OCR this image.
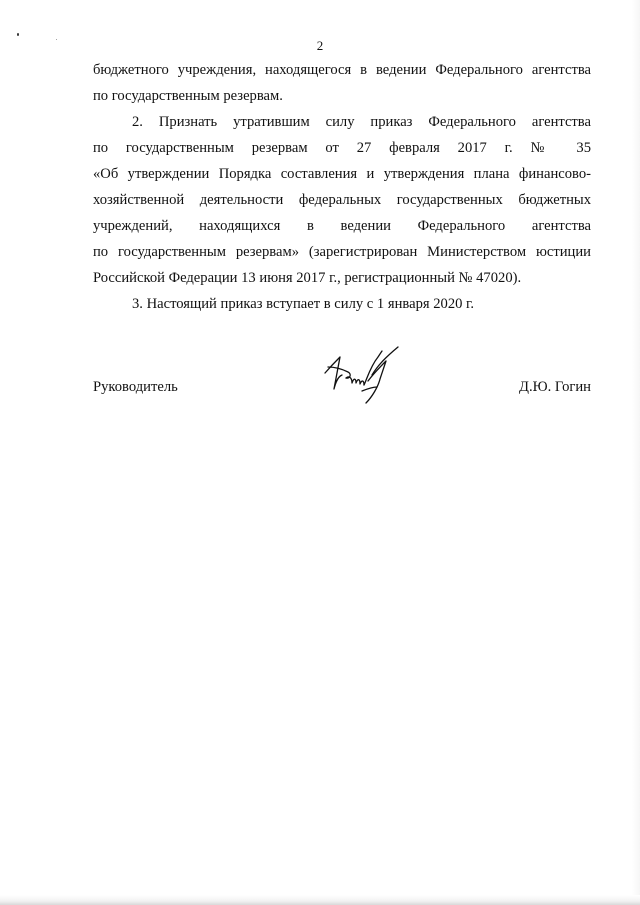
2
бюджетного учреждения, находящегося в ведении Федерального агентства
по государственным резервам.
2. Признать утратившим силу приказ Федерального агентства
по государственным резервам от 27 февраля 2017 г. № 35
«Об утверждении Порядка составления и утверждения плана финансово-
хозяйственной деятельности федеральных государственных бюджетных
учреждений, находящихся в ведении Федерального агентства
по государственным резервам» (зарегистрирован Министерством юстиции
Российской Федерации 13 июня 2017 г., регистрационный № 47020).
3. Настоящий приказ вступает в силу с 1 января 2020 г.
Руководитель	Д.Ю. Гогин
